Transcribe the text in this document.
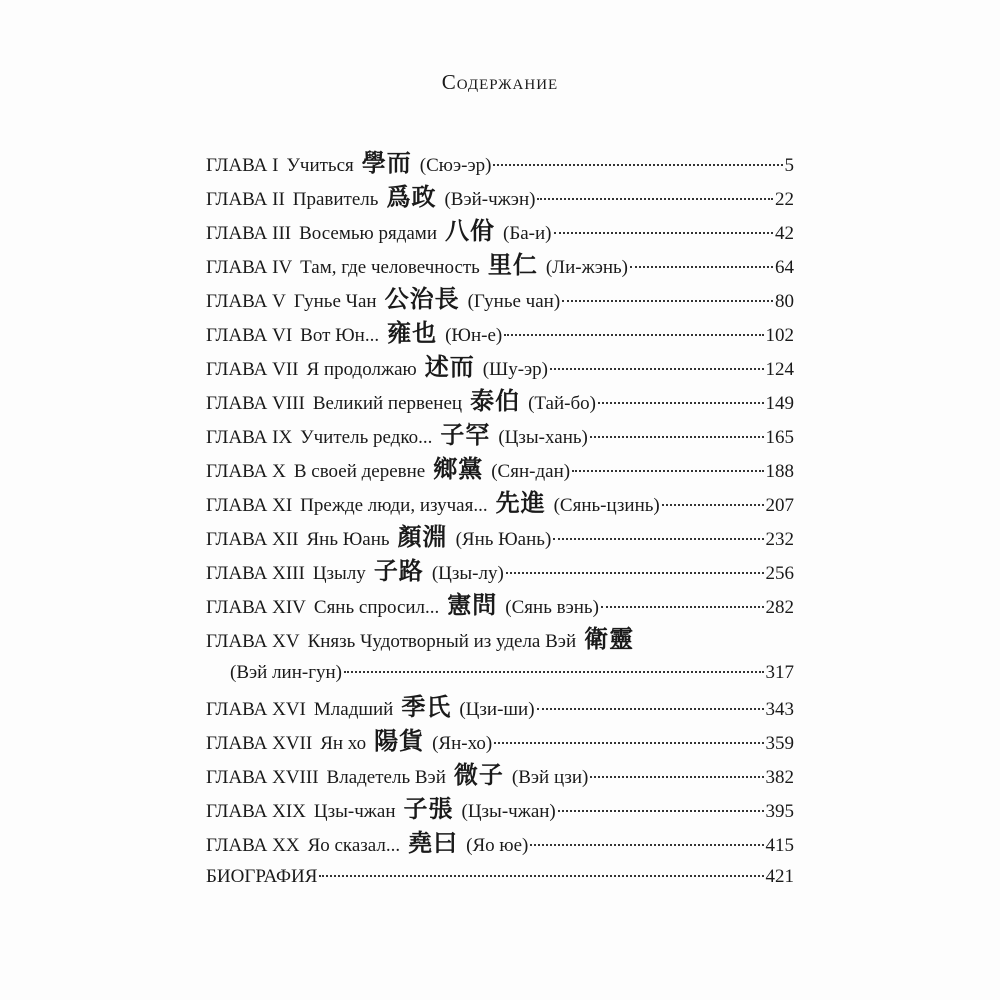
Содержание
ГЛАВА I Учиться 學而 (Сюэ-эр)	5
ГЛАВА II Правитель 爲政 (Вэй-чжэн)	22
ГЛАВА III Восемью рядами 八佾 (Ба-и)	42
ГЛАВА IV Там, где человечность 里仁 (Ли-жэнь)	64
ГЛАВА V Гунье Чан 公治長 (Гунье чан)	80
ГЛАВА VI Вот Юн... 雍也 (Юн-е)	102
ГЛАВА VII Я продолжаю 述而 (Шу-эр)	124
ГЛАВА VIII Великий первенец 泰伯 (Тай-бо)	149
ГЛАВА IX Учитель редко... 子罕 (Цзы-хань)	165
ГЛАВА X В своей деревне 鄉黨 (Сян-дан)	188
ГЛАВА XI Прежде люди, изучая... 先進 (Сянь-цзинь)	207
ГЛАВА XII Янь Юань 顏淵 (Янь Юань)	232
ГЛАВА XIII Цзылу 子路 (Цзы-лу)	256
ГЛАВА XIV Сянь спросил... 憲問 (Сянь вэнь)	282
ГЛАВА XV Князь Чудотворный из удела Вэй 衛靈
(Вэй лин-гун)	317
ГЛАВА XVI Младший 季氏 (Цзи-ши)	343
ГЛАВА XVII Ян хо 陽貨 (Ян-хо)	359
ГЛАВА XVIII Владетель Вэй 微子 (Вэй цзи)	382
ГЛАВА XIX Цзы-чжан 子張 (Цзы-чжан)	395
ГЛАВА XX Яо сказал... 堯曰 (Яо юе)	415
БИОГРАФИЯ	421
